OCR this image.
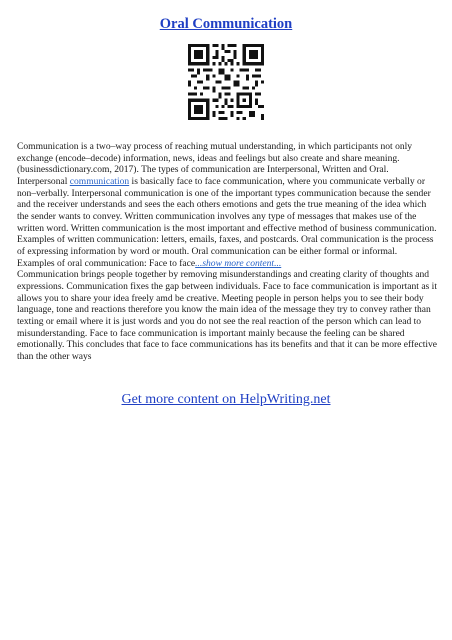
Oral Communication

Communication is a two–way process of reaching mutual understanding, in which participants not only exchange (encode–decode) information, news, ideas and feelings but also create and share meaning. (businessdictionary.com, 2017). The types of communication are Interpersonal, Written and Oral. Interpersonal communication is basically face to face communication, where you communicate verbally or non–verbally. Interpersonal communication is one of the important types communication because the sender and the receiver understands and sees the each others emotions and gets the true meaning of the idea which the sender wants to convey. Written communication involves any type of messages that makes use of the written word. Written communication is the most important and effective method of business communication. Examples of written communication: letters, emails, faxes, and postcards. Oral communication is the process of expressing information by word or mouth. Oral communication can be either formal or informal. Examples of oral communication: Face to face...show more content...

Communication brings people together by removing misunderstandings and creating clarity of thoughts and expressions. Communication fixes the gap between individuals. Face to face communication is important as it allows you to share your idea freely amd be creative. Meeting people in person helps you to see their body language, tone and reactions therefore you know the main idea of the message they try to convey rather than texting or email where it is just words and you do not see the real reaction of the person which can lead to misunderstanding. Face to face communication is important mainly because the feeling can be shared emotionally. This concludes that face to face communications has its benefits and that it can be more effective than the other ways

Get more content on HelpWriting.net
